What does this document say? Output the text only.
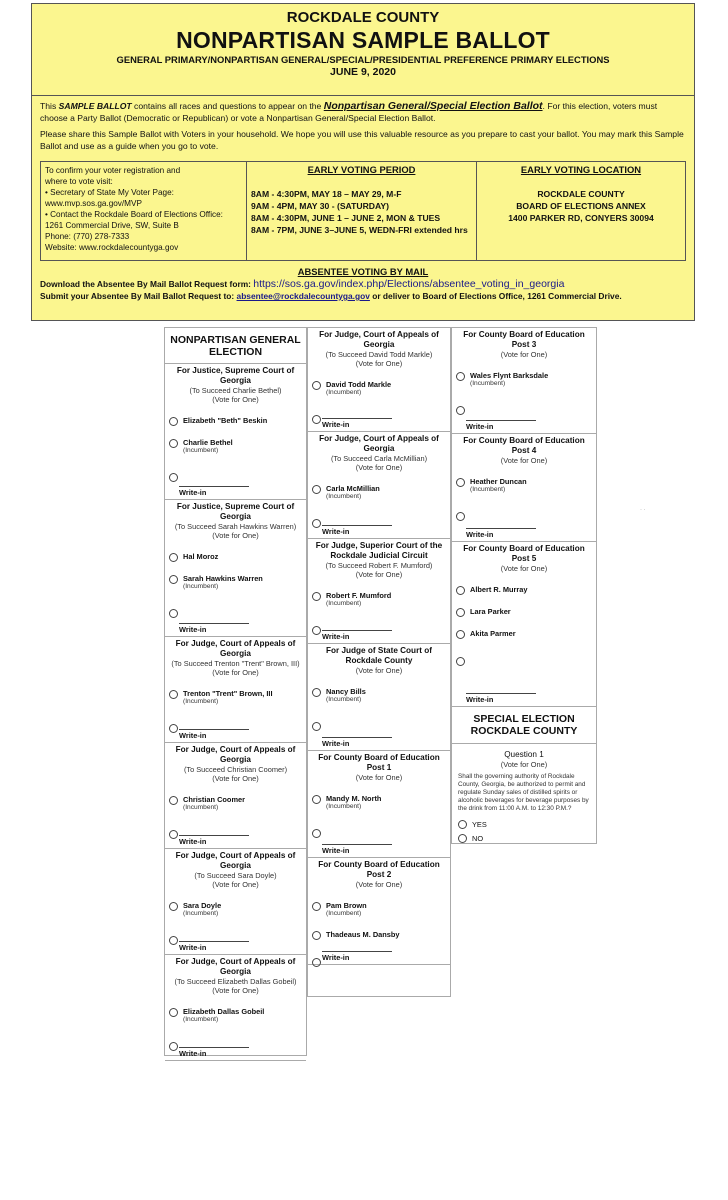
ROCKDALE COUNTY
NONPARTISAN SAMPLE BALLOT
GENERAL PRIMARY/NONPARTISAN GENERAL/SPECIAL/PRESIDENTIAL PREFERENCE PRIMARY ELECTIONS
JUNE 9, 2020

This SAMPLE BALLOT contains all races and questions to appear on the Nonpartisan General/Special Election Ballot. For this election, voters must choose a Party Ballot (Democratic or Republican) or vote a Nonpartisan General/Special Election Ballot.

Please share this Sample Ballot with Voters in your household. We hope you will use this valuable resource as you prepare to cast your ballot. You may mark this Sample Ballot and use as a guide when you go to vote.

To confirm your voter registration and
where to vote visit:
• Secretary of State My Voter Page:
www.mvp.sos.ga.gov/MVP
• Contact the Rockdale Board of Elections Office:
1261 Commercial Drive, SW, Suite B
Phone: (770) 278-7333
Website: www.rockdalecountyga.gov
EARLY VOTING PERIOD
8AM - 4:30PM, MAY 18 – MAY 29, M-F
9AM - 4PM, MAY 30 - (SATURDAY)
8AM - 4:30PM, JUNE 1 – JUNE 2, MON & TUES
8AM - 7PM, JUNE 3–JUNE 5, WEDN-FRI extended hrs
EARLY VOTING LOCATION
ROCKDALE COUNTY
BOARD OF ELECTIONS ANNEX
1400 PARKER RD, CONYERS 30094
ABSENTEE VOTING BY MAIL
Download the Absentee By Mail Ballot Request form: https://sos.ga.gov/index.php/Elections/absentee_voting_in_georgia
Submit your Absentee By Mail Ballot Request to: absentee@rockdalecountyga.gov or deliver to Board of Elections Office, 1261 Commercial Drive.
NONPARTISAN GENERAL ELECTION
For Justice, Supreme Court of Georgia
(To Succeed Charlie Bethel)
(Vote for One)
Elizabeth "Beth" Beskin
Charlie Bethel
(Incumbent)
Write-in
For Justice, Supreme Court of Georgia
(To Succeed Sarah Hawkins Warren)
(Vote for One)
Hal Moroz
Sarah Hawkins Warren
(Incumbent)
Write-in
For Judge, Court of Appeals of Georgia
(To Succeed Trenton "Trent" Brown, III)
(Vote for One)
Trenton "Trent" Brown, III
(Incumbent)
Write-in
For Judge, Court of Appeals of Georgia
(To Succeed Christian Coomer)
(Vote for One)
Christian Coomer
(Incumbent)
Write-in
For Judge, Court of Appeals of Georgia
(To Succeed Sara Doyle)
(Vote for One)
Sara Doyle
(Incumbent)
Write-in
For Judge, Court of Appeals of Georgia
(To Succeed Elizabeth Dallas Gobeil)
(Vote for One)
Elizabeth Dallas Gobeil
(Incumbent)
Write-in
For Judge, Court of Appeals of Georgia
(To Succeed David Todd Markle)
(Vote for One)
David Todd Markle
(Incumbent)
Write-in
For Judge, Court of Appeals of Georgia
(To Succeed Carla McMillian)
(Vote for One)
Carla McMillian
(Incumbent)
Write-in
For Judge, Superior Court of the Rockdale Judicial Circuit
(To Succeed Robert F. Mumford)
(Vote for One)
Robert F. Mumford
(Incumbent)
Write-in
For Judge of State Court of Rockdale County
(Vote for One)
Nancy Bills
(Incumbent)
Write-in
For County Board of Education Post 1
(Vote for One)
Mandy M. North
(Incumbent)
Write-in
For County Board of Education Post 2
(Vote for One)
Pam Brown
(Incumbent)
Thadeaus M. Dansby
Write-in
For County Board of Education Post 3
(Vote for One)
Wales Flynt Barksdale
(Incumbent)
Write-in
For County Board of Education Post 4
(Vote for One)
Heather Duncan
(Incumbent)
Write-in
For County Board of Education Post 5
(Vote for One)
Albert R. Murray
Lara Parker
Akita Parmer
Write-in
SPECIAL ELECTION ROCKDALE COUNTY
Question 1
(Vote for One)
Shall the governing authority of Rockdale County, Georgia, be authorized to permit and regulate Sunday sales of distilled spirits or alcoholic beverages for beverage purposes by the drink from 11:00 A.M. to 12:30 P.M.?
YES
NO
· ·
